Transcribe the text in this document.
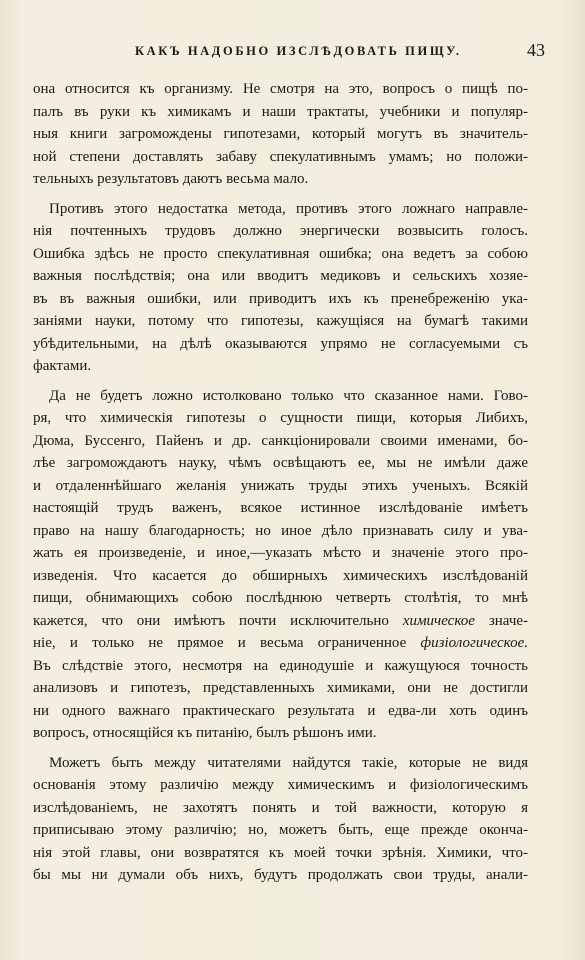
КАКЪ НАДОБНО ИЗСЛѢДОВАТЬ ПИЩУ.	43
она относится къ организму. Не смотря на это, вопросъ о пищѣ по-
палъ въ руки къ химикамъ и наши трактаты, учебники и популяр-
ныя книги загромождены гипотезами, который могутъ въ значитель-
ной степени доставлять забаву спекулативнымъ умамъ; но положи-
тельныхъ результатовъ даютъ весьма мало.
Противъ этого недостатка метода, противъ этого ложнаго направле-
нія почтенныхъ трудовъ должно энергически возвысить голосъ.
Ошибка здѣсь не просто спекулативная ошибка; она ведетъ за собою
важныя послѣдствія; она или вводитъ медиковъ и сельскихъ хозяе-
въ въ важныя ошибки, или приводитъ ихъ къ пренебреженію ука-
заніями науки, потому что гипотезы, кажущіяся на бумагѣ такими
убѣдительными, на дѣлѣ оказываются упрямо не согласуемыми съ
фактами.
Да не будетъ ложно истолковано только что сказанное нами. Гово-
ря, что химическія гипотезы о сущности пищи, которыя Либихъ,
Дюма, Буссенго, Пайенъ и др. санкціонировали своими именами, бо-
лѣе загромождаютъ науку, чѣмъ освѣщаютъ ее, мы не имѣли даже
и отдаленнѣйшаго желанія унижать труды этихъ ученыхъ. Всякій
настоящій трудъ важенъ, всякое истинное изслѣдованіе имѣетъ
право на нашу благодарность; но иное дѣло признавать силу и ува-
жать ея произведеніе, и иное,—указать мѣсто и значеніе этого про-
изведенія. Что касается до обширныхъ химическихъ изслѣдованій
пищи, обнимающихъ собою послѣднюю четверть столѣтія, то мнѣ
кажется, что они имѣютъ почти исключительно химическое значе-
ніе, и только не прямое и весьма ограниченное физіологическое.
Въ слѣдствіе этого, несмотря на единодушіе и кажущуюся точность
анализовъ и гипотезъ, представленныхъ химиками, они не достигли
ни одного важнаго практическаго результата и едва-ли хоть одинъ
вопросъ, относящійся къ питанію, былъ рѣшонъ ими.
Можетъ быть между читателями найдутся такіе, которые не видя
основанія этому различію между химическимъ и физіологическимъ
изслѣдованіемъ, не захотятъ понять и той важности, которую я
приписываю этому различію; но, можетъ быть, еще прежде оконча-
нія этой главы, они возвратятся къ моей точки зрѣнія. Химики, что-
бы мы ни думали объ нихъ, будутъ продолжать свои труды, анали-
